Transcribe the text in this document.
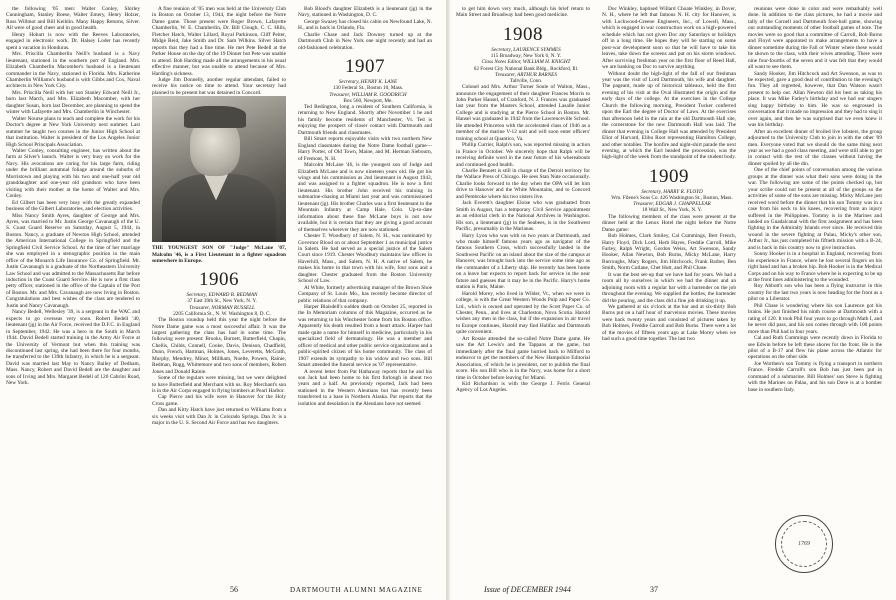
the following '05 men: Walter Conley, Shirley Cunningham, Stanley Boese, Walter Emery, Henry Holzer, Ross Willmot and Bill Keiblin. Many Happy Returns, Silver. All were of good cheer and in good health.

Henry Hobart is now with the Reeves Laboratories, engaged in electronic work. Dr. Halsey Loder has recently spent a vacation in Honduras.

Mrs. Priscilla Chamberlin Neill's husband is a Navy lieutenant, stationed in the southern port of England. Mrs. Elizabeth Chamberlin Macomber's husband is a lieutenant commander in the Navy, stationed in Florida. Mrs. Katherine Chamberlin Williams's husband is with Gibbs and Cox, Naval architects in New York City.

Mrs. Priscilla Neill with her son Stanley Edward Neill Jr., born last March, and Mrs. Elizabeth Macomber, with her daughter Susan, born last December, are planning to spend the winter with Lafayette and Mrs. Chamberlin in Winchester.

Walter Nourse plans to teach and complete the work for his Doctor's degree at New York University next summer. Last summer he taught two courses in the Junior High School at that institution. Walter is president of the Los Angeles Junior High School Principals Association.

Walter Conley, consulting engineer, has written about the farm at Silver's launch. Walter is very busy on work for the Navy. His avocations are caring for his large farm, riding under the brilliant autumnal foliage around the suburbs of Morristown and playing with his two and one-half year old granddaughter and one-year old grandson who have been visiting with their mother at the home of Walter and Mrs. Conley.

Ed Gilbert has been very busy with the greatly expanded business of the Gilbert Laboratories, and election activities.

Miss Nancy Smith Ayres, daughter of George and Mrs. Ayres, was married to Mr. Justin George Cavanaugh of the U. S. Coast Guard Reserve on Saturday, August 5, 1944, in Boston. Nancy, a graduate of Newton High School, attended the American International College in Springfield and the Springfield Civil Service School. At the time of her marriage she was employed in a stenographic position in the main office of the Monarch Life Insurance Co. of Springfield. Mr. Justin Cavanaugh is a graduate of the Northeastern University Law School and was admitted to the Massachusetts Bar before induction in the Coast Guard Service. He is now a first class petty officer, stationed in the office of the Captain of the Port of Boston. Mr. and Mrs. Cavanaugh are now living in Boston. Congratulations and best wishes of the class are tendered to Justin and Nancy Cavanaugh.

Nancy Bedell, Wellesley '39, is a sergeant in the WAC and expects to go overseas very soon. Robert Bedell '40, lieutenant (jg) in the Air Force, received the D.F.C. in England in September, 1942. He was a hero in the South in March 1944. David Bedell started training in the Army Air Force at the University of Vermont but when this training was discontinued last spring, she had been there for four months, he transferred to the 139th Infantry, in which he is a sergeant. David was married last May to Nancy Bailey of Dedham, Mass. Nancy, Robert and David Bedell are the daughter and sons of Irving and Mrs. Margaret Bedell of 120 Cabrini Road, New York.

A fine reunion of '05 men was held at the University Club in Boston on October 13, 1944, the night before the Notre Dame game. Those present were Roger Brown, Lafayette Chamberlin, W. E. Chamberlin, Dr. Bill Clough, C. C. Hills, Fletcher Hatch, Walter Lillard, Royal Parkinson, Cliff Peiter, Midge Reid, Jake Smith and Dr. Sam Wilkins. Silver Hatch reports that they had a fine time. He met Pete Bedell at the Parker House on the day of the 19 Dinner but Pete was unable to attend. Bob Harding made all the arrangements in his usual effective manner, but was unable to attend because of Mrs. Harding's sickness.

Judge Jim Donnelly, another regular attendant, failed to receive his notice on time to attend. Your secretary had planned to be present but was detained in Concord.

THE YOUNGEST SON OF "Judge" McLane '07, Malcolm '46, is a First Lieutenant in a fighter squadron somewhere in Europe.

1906

Secretary, EDWARD B. REDMAN

37 East 39th St., New York, N. Y.

Treasurer, NORMAN RUSSELL

2205 California St., N. W. Washington 8, D. C.

The Boston roundup held this year the night before the Notre Dame game was a most successful affair. It was the largest gathering the class has had in some time. The following were present: Brooks, Burnett, Butterfield, Chapin, Chellis, Childs, Connell, Cooke, Davis, Denison, Chadfield, Dunn, French, Hartman, Holmes, Jones, Leveretts, McGrath, Murphy, Mendrey, Minot, Millham, Noelte, Powers, Rainie, Redman, Rugg, Whittemore and two sons of members, Robert Jones and Donald Rainie.

Some of the regulars were missing, but we were delighted to have Butterfield and Merchant with us. Roy Merchant's son is in the Air Corps engaged in flying bombers at Pearl Harbor.

Cap Pierce and his wife were in Hanover for the Holy Cross game.

Dan and Kitty Hatch have just returned to Williams from a six weeks visit with Dan Jr. in Colorado Springs. Dan Jr. is a major in the U. S. Second Air Force and has two daughters.

Bob Blood's daughter Elizabeth is a lieutenant (jg) in the Navy, stationed in Washington, D. C.

George Swazey has closed his cabin on Newfound Lake, N. H., and is back in Orlando, Fla.

Charlie Chase and Jack Downey turned up at the Dartmouth Club in New York one night recently and had an old-fashioned celebration.

1907

Secretary, HENRY K. LANE

130 Federal St., Boston 10, Mass.

Treasurer, WILLIAM R. GOODRICH

Box 560, Newport, Me.

Ted Redington, long a resident of Southern California, is returning to New England. Shortly after November 1 he and his family become residents of Manchester, Vt. Ted is enjoying the prospect of closer contact with Dartmouth and Dartmouth friends and classmates.

Bill Smart reports enjoyable visits with two northern New England classmates during the Notre Dame football game—Harry Porter, of Old Town, Maine, and M. Herman Siebourn, of Fremont, N. H.

Malcolm McLane '46, is the youngest son of Judge and Elizabeth McLane and is now nineteen years old. He got his wings and his commission as 2nd lieutenant in August 1943, and was assigned to a fighter squadron. He is now a first lieutenant. His brother John received his training in submarine-chasing at Miami last year and was commissioned lieutenant (jg). His brother Charles was a first lieutenant in the Mountain Infantry at Camp Hale, Colo. Up-to-date information about these fine McLane boys is not now available, but it is certain that they are giving a good account of themselves wherever they are now stationed.

Chester T. Woodbury of Salem, N. H., was nominated by Governor Blood on or about September 1 as municipal justice in Salem. He had served as a special justice of the Salem Court since 1919. Chester Woodbury maintains law offices in Haverhill, Mass., and Salem, N. H. A native of Salem, he makes his home in that town with his wife, four sons and a daughter. Chester graduated from the Boston University School of Law.

Al White, formerly advertising manager of the Brown Shoe Company of St. Louis Mo., has recently become director of public relations of that company.

Harper Blaisdell's sudden death on October 25, reported in the In Memoriam columns of this Magazine, occurred as he was returning to his Winchester home from his Boston office. Apparently his death resulted from a heart attack. Harper had made quite a name for himself in medicine, particularly in his specialized field of dermatology. He was a member and officer of medical and other public service organizations and a public-spirited citizen of his home community. The class of 1907 extends its sympathy to his widow and two sons. Bill Smart attended the funeral service as '07 representative.

A recent letter from Pat Hathaway reports that he and his son Jack had been home to his first furlough in about two years and a half. As previously reported, Jack had been stationed in the Western Aleutians but has recently been transferred to a base in Northern Alaska. Pat reports that the isolation and desolation in the Aleutians have not seemed

56	DARTMOUTH ALUMNI MAGAZINE

to get him down very much, although his brief return to Main Street and Broadway had been good medicine.

1908

Secretary, LAURENCE SYMMES

115 Broadway, New York 6, N. Y.

Class Notes Editor, WILLIAM H. KNIGHT

62 Forest City National Bank Bldg., Rockford, Ill.

Treasurer, ARTHUR BARNES

Tallville, Conn.

Colonel and Mrs. Arthur Turner Soule of Walton, Mass., announce the engagement of their daughter Frances Morris to John Parker Hansel, of Cranford, N. J. Frances was graduated last year from the Masters School, attended Lasalle Junior College and is studying at the Pierce School in Boston. Mr. Hansel was graduated in 1942 from the Lawrenceville School. He attended Princeton with the accelerated class of 1946 as a member of the marine V-12 unit and will soon enter officers' training school at Quantico, Va.

Phillip Currier, Ralph's son, was reported missing in action in France in October. We sincerely hope that Ralph will be receiving definite word in the near future of his whereabouts and continued good health.

Charlie Bennett is still in charge of the Detroit territory for the Wallace Press of Chicago. He sees Stan Nute occasionally. Charlie looks forward to the day when the OPA will let him drive to Hanover and the White Mountains, and to Concord and Pembroke where his two sisters live.

Jack Everett's daughter Eloise who was graduated from Smith in August, has a temporary Civil Service appointment as an editorial clerk in the National Archives in Washington. His son, a lieutenant (jg) in the Seabees, is in the Southwest Pacific, presumably in the Marianas.

Harry Lyon who was with us two years at Dartmouth, and who made himself famous years ago as navigator of the famous Southern Cross, which successfully landed in the Southwest Pacific on an island about the size of the campus at Hanover, was brought back into the service some time ago as the commander of a Liberty ship. He recently has been home on a leave but expects to report back for service in the near future and guesses that it may be in the Pacific. Harry's home station is Paris, Maine.

Harold Morey, who lived in Wilder, Vt., when we were in college, is with the Great Western Woods Pulp and Paper Co. Ltd., which is owned and operated by the Scott Paper Co. of Chester, Penn., and lives at Charleston, Nova Scotia. Harold wishes any men in the class, but if the expansion in air travel to Europe continues, Harold may find Halifax and Dartmouth quite convenient.

Art Rossie attended the so-called Notre Dame game. He saw the Art Lewis's and the Tappans at the game, but immediately after the final game hurried back to Milford to endeavor to get the members of the New Hampshire Editorial Association, of which he is president, not to publish the final score. His son Bill who is in the Navy, was home for a short time in October before leaving for Miami.

Kid Richardson is with the George J. Ferris General Agency of Los Angeles.

Doc Winkley, baptised Willard Choate Winkley, in Dover, N. H., where he left that famous N. H. city for Hanover, is with Lockwood-Greene Engineers, Inc., of Lowell, Mass., which is engaged in war construction work on a high-powered schedule which has not given Doc any Saturdays or holidays off in a long time. He hopes they will be starting on some post-war development soon so that he will have to take his leaves, take down the screens and put on his storm windows. After surviving freshman year on the first floor of Reed Hall, we are banking on Doc to survive anything.

Without doubt the high-light of the fall of our freshman year was the visit of Lord Dartmouth, his wife and daughter. The pageant, made up of historical tableaux, held the first evening of his visit at the Oval illustrated the origin and the early days of the college. At the exercises in the College Church the following morning, President Tucker conferred upon the Earl the degree of Doctor of Laws. At the exercises that afternoon held in the rain at the old Dartmouth Hall site, the cornerstone for the new Dartmouth Hall was laid. The dinner that evening in College Hall was attended by President Eliot of Harvard, Elihu Root representing Hamilton College, and other notables. The bonfire and night-shirt parade the next evening, at which the Earl headed the procession, was the high-light of the week from the standpoint of the student body.

1909

Secretary, HARRY R. FLOYD

Wm. Filene's Sons Co. 426 Washington St., Boston, Mass.

Treasurer, EDGAR J. CHAPPELEAR

18 Wall St., New York, N. Y.

The following members of the class were present at the dinner held at the Lenox Hotel the night before the Notre Dame game:

Bob Holmes, Clark Smiley, Cal Cummings, Bert French, Harry Floyd, Dick Lord, Herb Hayes, Freddie Carroll, Mike Farley, Ralph Wright, Gordon Weiss, Art Swenson, Sandy Hooker, Allan Newton, Bob Burns, Micky McLane, Harry Burroughs, Mary Rogers, Jim Hitchcock, Frank Barber, Ben Smith, Norm Cutlane, Chet Hutt, and Phil Chase.

It was the best set-up that we have had for years. We had a room all by ourselves in which we had the dinner and an adjoining room with a regular bar with a bartender on the job throughout the evening. We supplied the bottles, the bartender did the pouring, and the class did a fine job drinking it up.

We gathered at six o'clock at the bar and at six-thirty Bob Burns put on a half hour of marvelous movies. These movies were back twenty years and consisted of pictures taken by Bob Holmes, Freddie Carroll and Bob Burns. There were a lot of the movies of fifteen years ago at Lake Morey when we had such a good time together. The last two

reunions were done in color and were remarkably well done. In addition to the class pictures, he had a movie and tally of the Cornell and Dartmouth foot-ball game, showing our outstanding moments of other football games of note. The movies were so good that a committee of Carroll, Bob Burns and Floyd were appointed to make arrangements to have a dinner sometime during the Fall or Winter where these would be shown to the class, with their wives attending. There were nine four-fourths of the seven and it was felt that they would all want to see them.

Sandy Hooker, Jim Hitchcock and Art Swenson, as was to be expected, gave a good deal of contribution to the evening's fun. They all regretted, however, that Dan Watson wasn't present to help out. Allan Newton did his best as taking his place. It was Mike Farley's birthday and we had our singers sing happy birthday to him. He was so engrossed in conversation that it made no impression and they had to sing it over again, and then he was surprised that we even knew it was his birthday.

After an excellent dinner of broiled live lobsters, the group adjourned to the University Club to join in with the other '09 men. Everyone voted that we should do the same thing next year as we had a good class meeting, and were still able to get in contact with the rest of the classes without having the dinner spoiled by all the din.

One of the chief points of conversation among the various groups at the dinner was what their sons were doing in the war. The following are some of the points checked up, but your scribe could not be present at all of the groups so the activities of some of the sons are missing. Micky McLane just received word before the dinner that his son Tommy was in a case from his neck to his knees, recovering from an injury suffered in the Philippines. Tommy is in the Marines and landed on Guadalcanal with the first assignment and has been fighting in the Admiralty Islands ever since. He received this wound in the severe fighting at Palau, Micky's other son, Arthur Jr., has just completed his fiftieth mission with a B-24, and is back in this country now to give instruction.

Sonny Hooker is in a hospital in England, recovering from his experience in France, where he lost several fingers on his right hand and has a broken hip. Bob Hooker is in the Medical Corps and on his way to France where he is expecting to be up at the front lines administering to the wounded.

Roy Abbott's son who has been a flying instructor in this country for the last two years is now heading for the front as a pilot on a Liberator.

Phil Chase is wondering where his son Laurence got his brains. He just finished his ninth course at Dartmouth with a rating of 120. It took Phil four years to go through Math I, and he never did pass, and his son comes through with 100 points more than Phil had in four years.

Cal and Ruth Cummings were recently down in Florida to see Edwin before he left these shores for the front. He is the pilot of a B-17 and flew his plane across the Atlantic for operations on the other side.

Joe Worthen's son Tommy is flying a transport in northern France. Freddie Carroll's son Bob has just been put in command of a submarine. Bill Holmes' son Steve is fighting with the Marines on Palau, and his son Dave is at a bomber base in southern Italy.

1769
Issue of DECEMBER 1944	37
